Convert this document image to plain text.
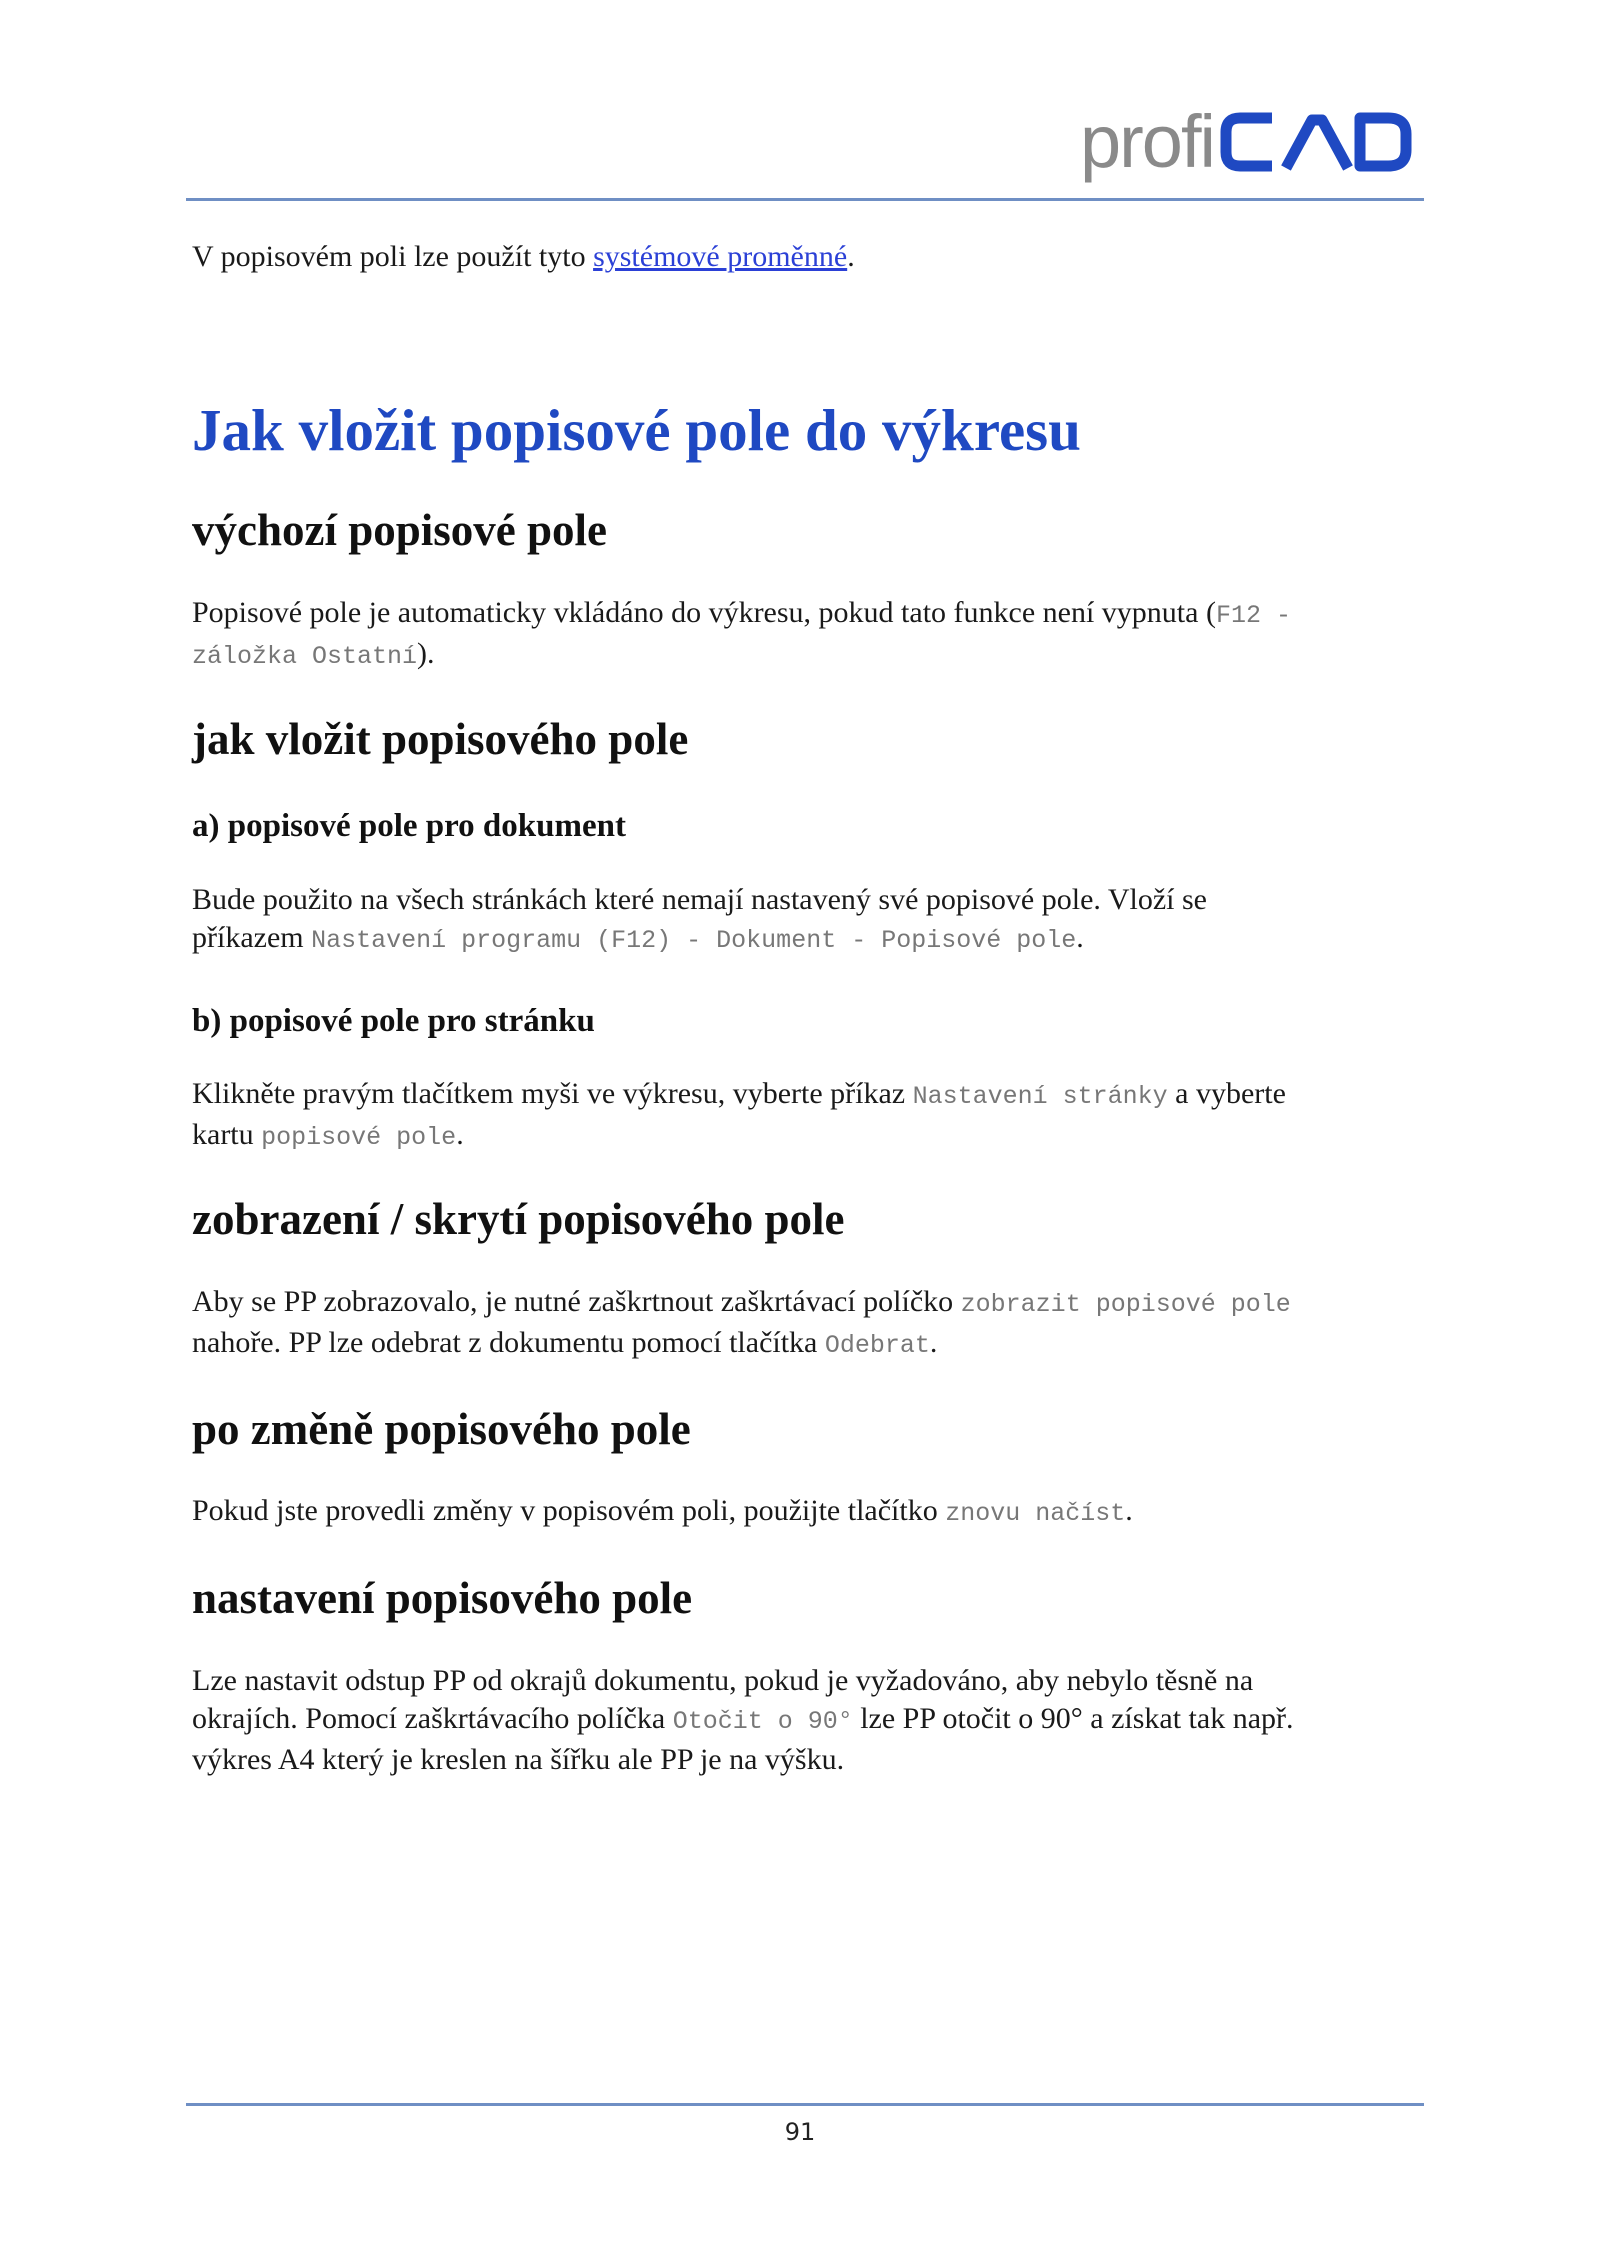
profi

V popisovém poli lze použít tyto systémové proměnné.

Jak vložit popisové pole do výkresu
výchozí popisové pole

Popisové pole je automaticky vkládáno do výkresu, pokud tato funkce není vypnuta (F12 -
záložka Ostatní).

jak vložit popisového pole
a) popisové pole pro dokument

Bude použito na všech stránkách které nemají nastavený své popisové pole. Vloží se
příkazem Nastavení programu (F12) - Dokument - Popisové pole.

b) popisové pole pro stránku

Klikněte pravým tlačítkem myši ve výkresu, vyberte příkaz Nastavení stránky a vyberte
kartu popisové pole.

zobrazení / skrytí popisového pole

Aby se PP zobrazovalo, je nutné zaškrtnout zaškrtávací políčko zobrazit popisové pole
nahoře. PP lze odebrat z dokumentu pomocí tlačítka Odebrat.

po změně popisového pole

Pokud jste provedli změny v popisovém poli, použijte tlačítko znovu načíst.

nastavení popisového pole

Lze nastavit odstup PP od okrajů dokumentu, pokud je vyžadováno, aby nebylo těsně na
okrajích. Pomocí zaškrtávacího políčka Otočit o 90° lze PP otočit o 90° a získat tak např.
výkres A4 který je kreslen na šířku ale PP je na výšku.

91
